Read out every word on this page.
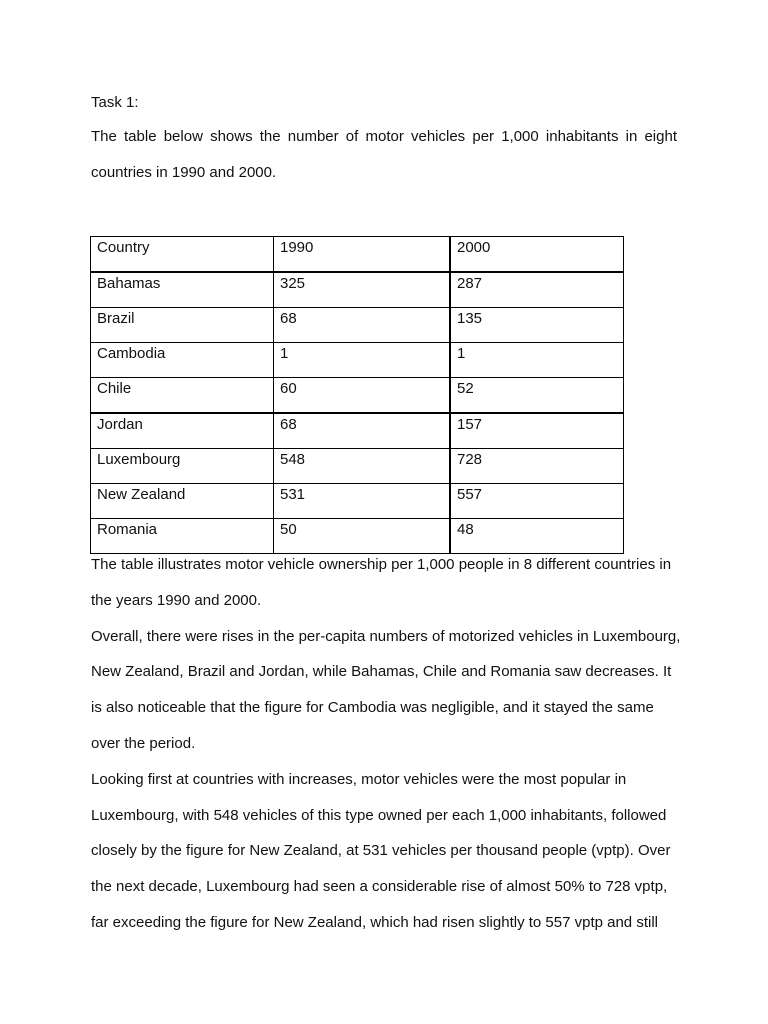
Task 1:

The table below shows the number of motor vehicles per 1,000 inhabitants in eight countries in 1990 and 2000.

Country	1990	2000
Bahamas	325	287
Brazil	68	135
Cambodia	1	1
Chile	60	52
Jordan	68	157
Luxembourg	548	728
New Zealand	531	557
Romania	50	48

The table illustrates motor vehicle ownership per 1,000 people in 8 different countries in the years 1990 and 2000.

Overall, there were rises in the per-capita numbers of motorized vehicles in Luxembourg, New Zealand, Brazil and Jordan, while Bahamas, Chile and Romania saw decreases. It is also noticeable that the figure for Cambodia was negligible, and it stayed the same over the period.

Looking first at countries with increases, motor vehicles were the most popular in Luxembourg, with 548 vehicles of this type owned per each 1,000 inhabitants, followed closely by the figure for New Zealand, at 531 vehicles per thousand people (vptp). Over the next decade, Luxembourg had seen a considerable rise of almost 50% to 728 vptp, far exceeding the figure for New Zealand, which had risen slightly to 557 vptp and still
